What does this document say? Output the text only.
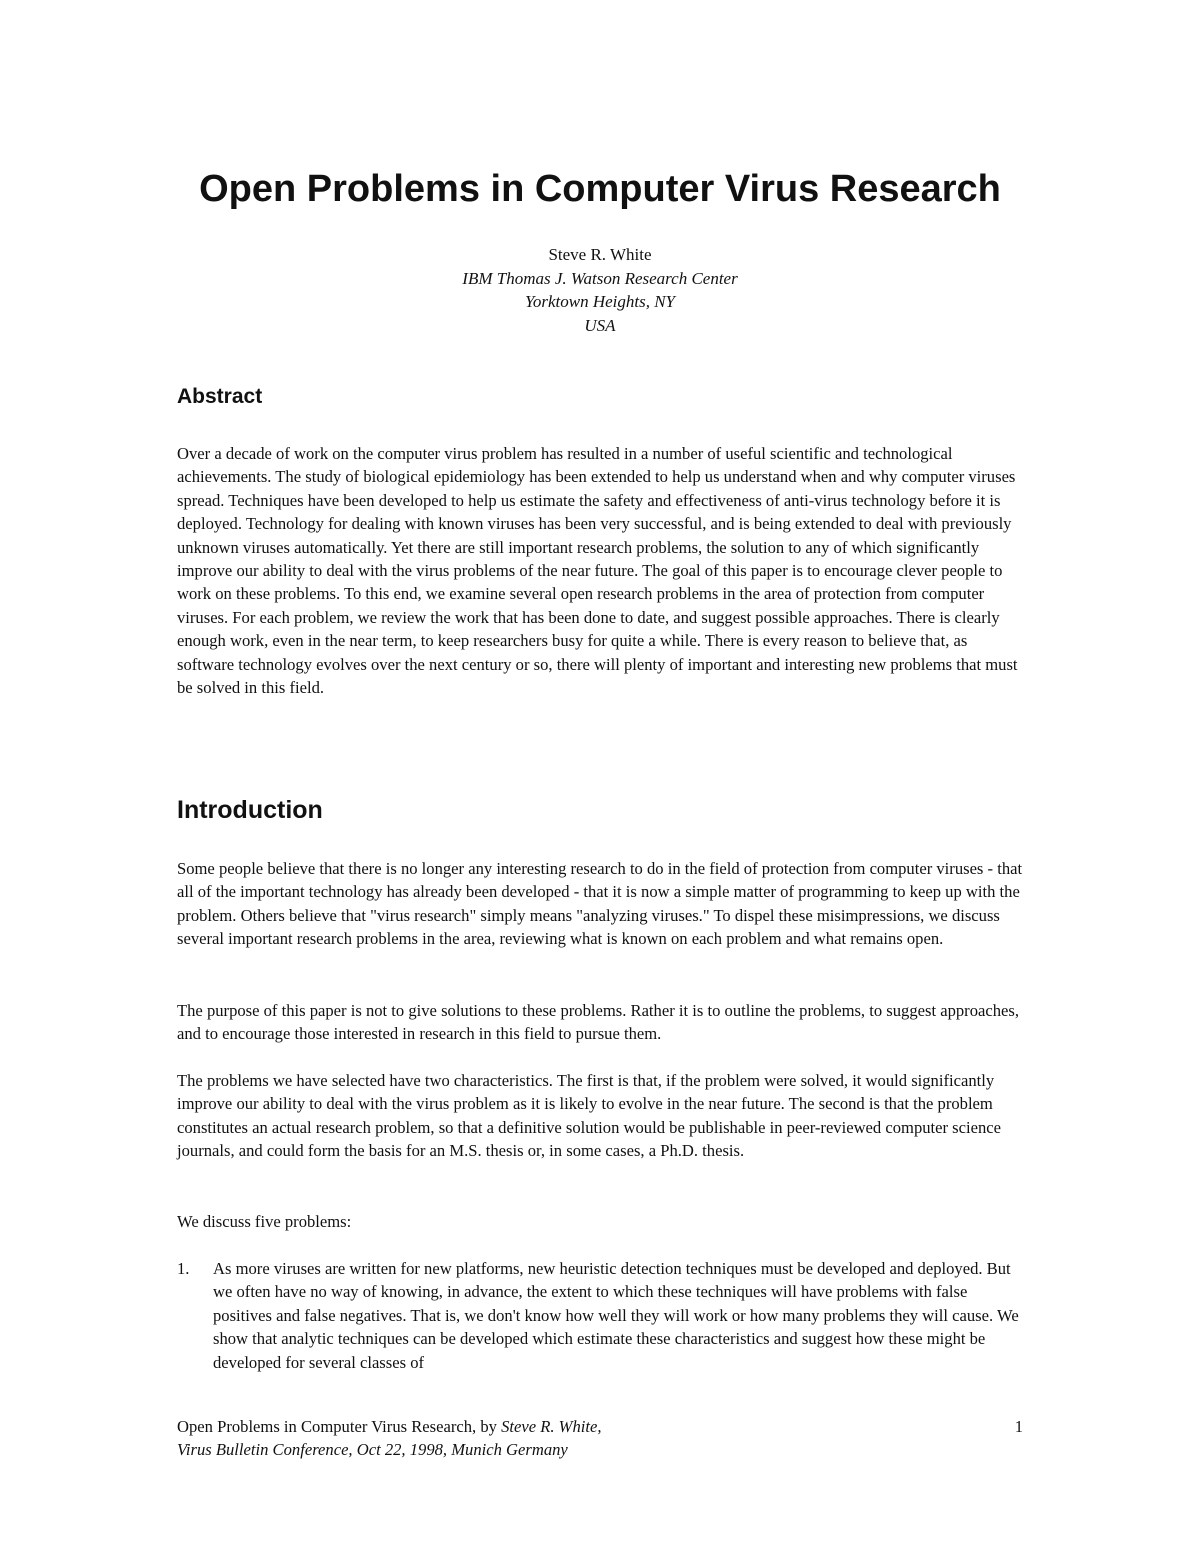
Open Problems in Computer Virus Research
Steve R. White
IBM Thomas J. Watson Research Center
Yorktown Heights, NY
USA
Abstract

Over a decade of work on the computer virus problem has resulted in a number of useful scientific and technological achievements. The study of biological epidemiology has been extended to help us understand when and why computer viruses spread. Techniques have been developed to help us estimate the safety and effectiveness of anti-virus technology before it is deployed. Technology for dealing with known viruses has been very successful, and is being extended to deal with previously unknown viruses automatically. Yet there are still important research problems, the solution to any of which significantly improve our ability to deal with the virus problems of the near future. The goal of this paper is to encourage clever people to work on these problems. To this end, we examine several open research problems in the area of protection from computer viruses. For each problem, we review the work that has been done to date, and suggest possible approaches. There is clearly enough work, even in the near term, to keep researchers busy for quite a while. There is every reason to believe that, as software technology evolves over the next century or so, there will plenty of important and interesting new problems that must be solved in this field.

Introduction

Some people believe that there is no longer any interesting research to do in the field of protection from computer viruses - that all of the important technology has already been developed - that it is now a simple matter of programming to keep up with the problem. Others believe that "virus research" simply means "analyzing viruses." To dispel these misimpressions, we discuss several important research problems in the area, reviewing what is known on each problem and what remains open.

The purpose of this paper is not to give solutions to these problems. Rather it is to outline the problems, to suggest approaches, and to encourage those interested in research in this field to pursue them.

The problems we have selected have two characteristics. The first is that, if the problem were solved, it would significantly improve our ability to deal with the virus problem as it is likely to evolve in the near future. The second is that the problem constitutes an actual research problem, so that a definitive solution would be publishable in peer-reviewed computer science journals, and could form the basis for an M.S. thesis or, in some cases, a Ph.D. thesis.

We discuss five problems:

1.	As more viruses are written for new platforms, new heuristic detection techniques must be developed and deployed. But we often have no way of knowing, in advance, the extent to which these techniques will have problems with false positives and false negatives. That is, we don't know how well they will work or how many problems they will cause. We show that analytic techniques can be developed which estimate these characteristics and suggest how these might be developed for several classes of
Open Problems in Computer Virus Research, by Steve R. White,
Virus Bulletin Conference, Oct 22, 1998, Munich Germany
1
